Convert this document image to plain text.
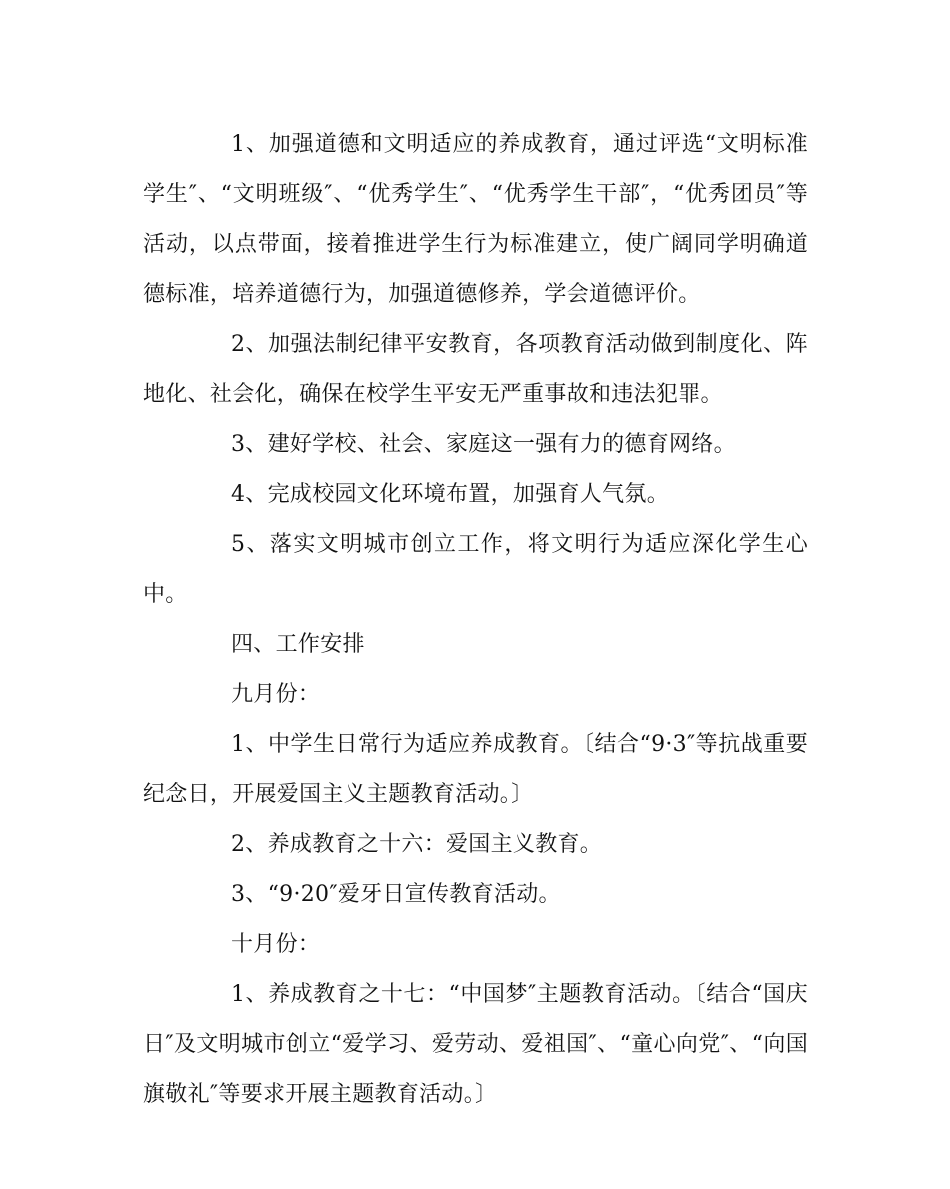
1、加强道德和文明适应的养成教育，通过评选“文明标准学生″、“文明班级″、“优秀学生″、“优秀学生干部″，“优秀团员″等活动，以点带面，接着推进学生行为标准建立，使广阔同学明确道德标准，培养道德行为，加强道德修养，学会道德评价。

2、加强法制纪律平安教育，各项教育活动做到制度化、阵地化、社会化，确保在校学生平安无严重事故和违法犯罪。

3、建好学校、社会、家庭这一强有力的德育网络。

4、完成校园文化环境布置，加强育人气氛。

5、落实文明城市创立工作，将文明行为适应深化学生心中。

四、工作安排

九月份：

1、中学生日常行为适应养成教育。〔结合“9·3″等抗战重要纪念日，开展爱国主义主题教育活动。〕

2、养成教育之十六：爱国主义教育。

3、“9·20″爱牙日宣传教育活动。

十月份：

1、养成教育之十七：“中国梦″主题教育活动。〔结合“国庆日″及文明城市创立“爱学习、爱劳动、爱祖国″、“童心向党″、“向国旗敬礼″等要求开展主题教育活动。〕
